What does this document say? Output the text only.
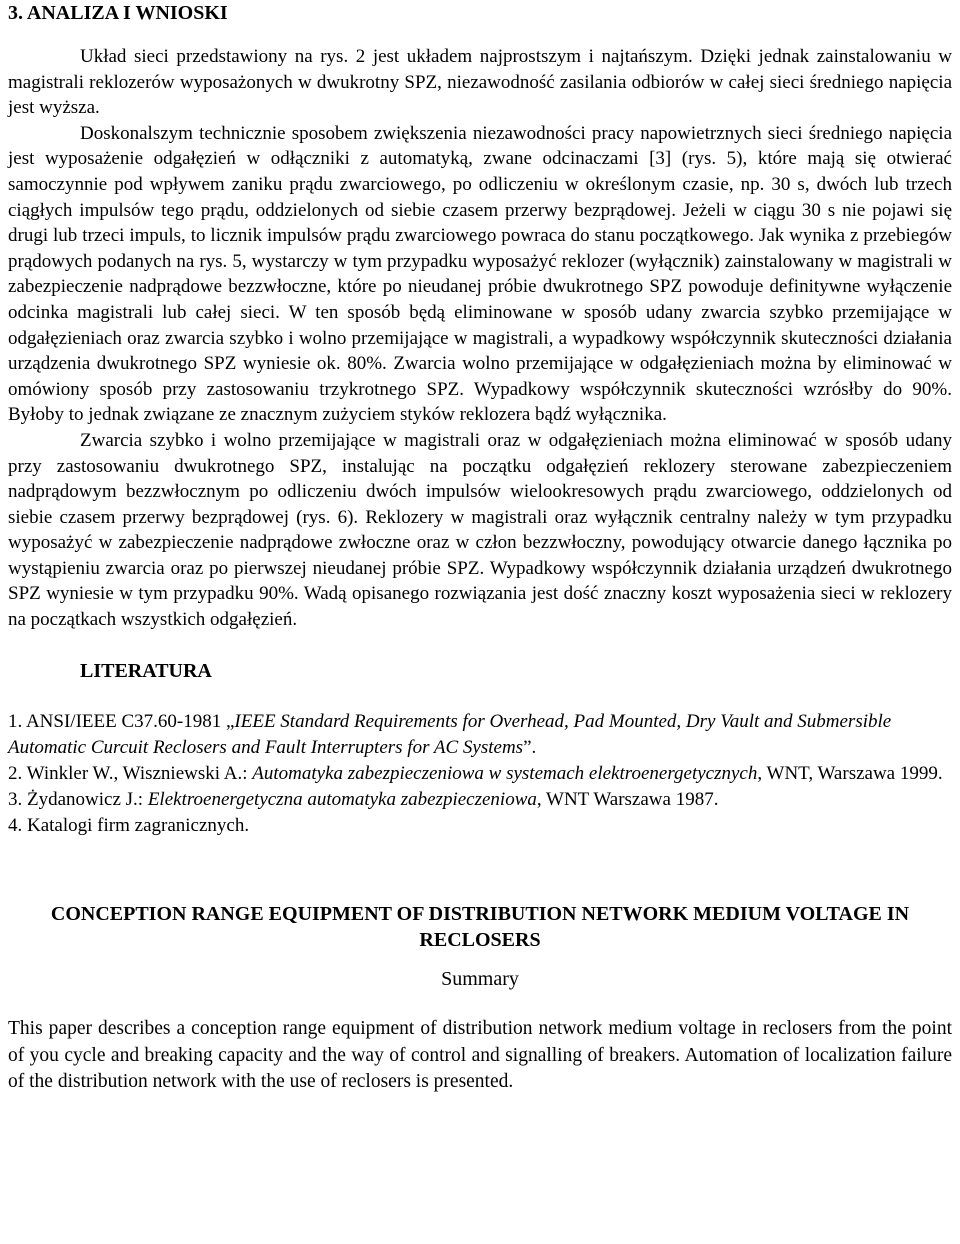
3. ANALIZA I WNIOSKI
Układ sieci przedstawiony na rys. 2 jest układem najprostszym i najtańszym. Dzięki jednak zainstalowaniu w magistrali reklozerów wyposażonych w dwukrotny SPZ, niezawodność zasilania odbiorów w całej sieci średniego napięcia jest wyższa.
Doskonalszym technicznie sposobem zwiększenia niezawodności pracy napowietrznych sieci średniego napięcia jest wyposażenie odgałęzień w odłączniki z automatyką, zwane odcinaczami [3] (rys. 5), które mają się otwierać samoczynnie pod wpływem zaniku prądu zwarciowego, po odliczeniu w określonym czasie, np. 30 s, dwóch lub trzech ciągłych impulsów tego prądu, oddzielonych od siebie czasem przerwy bezprądowej. Jeżeli w ciągu 30 s nie pojawi się drugi lub trzeci impuls, to licznik impulsów prądu zwarciowego powraca do stanu początkowego. Jak wynika z przebiegów prądowych podanych na rys. 5, wystarczy w tym przypadku wyposażyć reklozer (wyłącznik) zainstalowany w magistrali w zabezpieczenie nadprądowe bezzwłoczne, które po nieudanej próbie dwukrotnego SPZ powoduje definitywne wyłączenie odcinka magistrali lub całej sieci. W ten sposób będą eliminowane w sposób udany zwarcia szybko przemijające w odgałęzieniach oraz zwarcia szybko i wolno przemijające w magistrali, a wypadkowy współczynnik skuteczności działania urządzenia dwukrotnego SPZ wyniesie ok. 80%. Zwarcia wolno przemijające w odgałęzieniach można by eliminować w omówiony sposób przy zastosowaniu trzykrotnego SPZ. Wypadkowy współczynnik skuteczności wzrósłby do 90%. Byłoby to jednak związane ze znacznym zużyciem styków reklozera bądź wyłącznika.
Zwarcia szybko i wolno przemijające w magistrali oraz w odgałęzieniach można eliminować w sposób udany przy zastosowaniu dwukrotnego SPZ, instalując na początku odgałęzień reklozery sterowane zabezpieczeniem nadprądowym bezzwłocznym po odliczeniu dwóch impulsów wielookresowych prądu zwarciowego, oddzielonych od siebie czasem przerwy bezprądowej (rys. 6). Reklozery w magistrali oraz wyłącznik centralny należy w tym przypadku wyposażyć w zabezpieczenie nadprądowe zwłoczne oraz w człon bezzwłoczny, powodujący otwarcie danego łącznika po wystąpieniu zwarcia oraz po pierwszej nieudanej próbie SPZ. Wypadkowy współczynnik działania urządzeń dwukrotnego SPZ wyniesie w tym przypadku 90%. Wadą opisanego rozwiązania jest dość znaczny koszt wyposażenia sieci w reklozery na początkach wszystkich odgałęzień.
LITERATURA

1. ANSI/IEEE C37.60-1981 „IEEE Standard Requirements for Overhead, Pad Mounted, Dry Vault and Submersible Automatic Curcuit Reclosers and Fault Interrupters for AC Systems”.

2. Winkler W., Wiszniewski A.: Automatyka zabezpieczeniowa w systemach elektroenergetycznych, WNT, Warszawa 1999.

3. Żydanowicz J.: Elektroenergetyczna automatyka zabezpieczeniowa, WNT Warszawa 1987.

4. Katalogi firm zagranicznych.

CONCEPTION RANGE EQUIPMENT OF DISTRIBUTION NETWORK MEDIUM VOLTAGE IN RECLOSERS
Summary

This paper describes a conception range equipment of distribution network medium voltage in reclosers from the point of you cycle and breaking capacity and the way of control and signalling of breakers. Automation of localization failure of the distribution network with the use of reclosers is presented.
